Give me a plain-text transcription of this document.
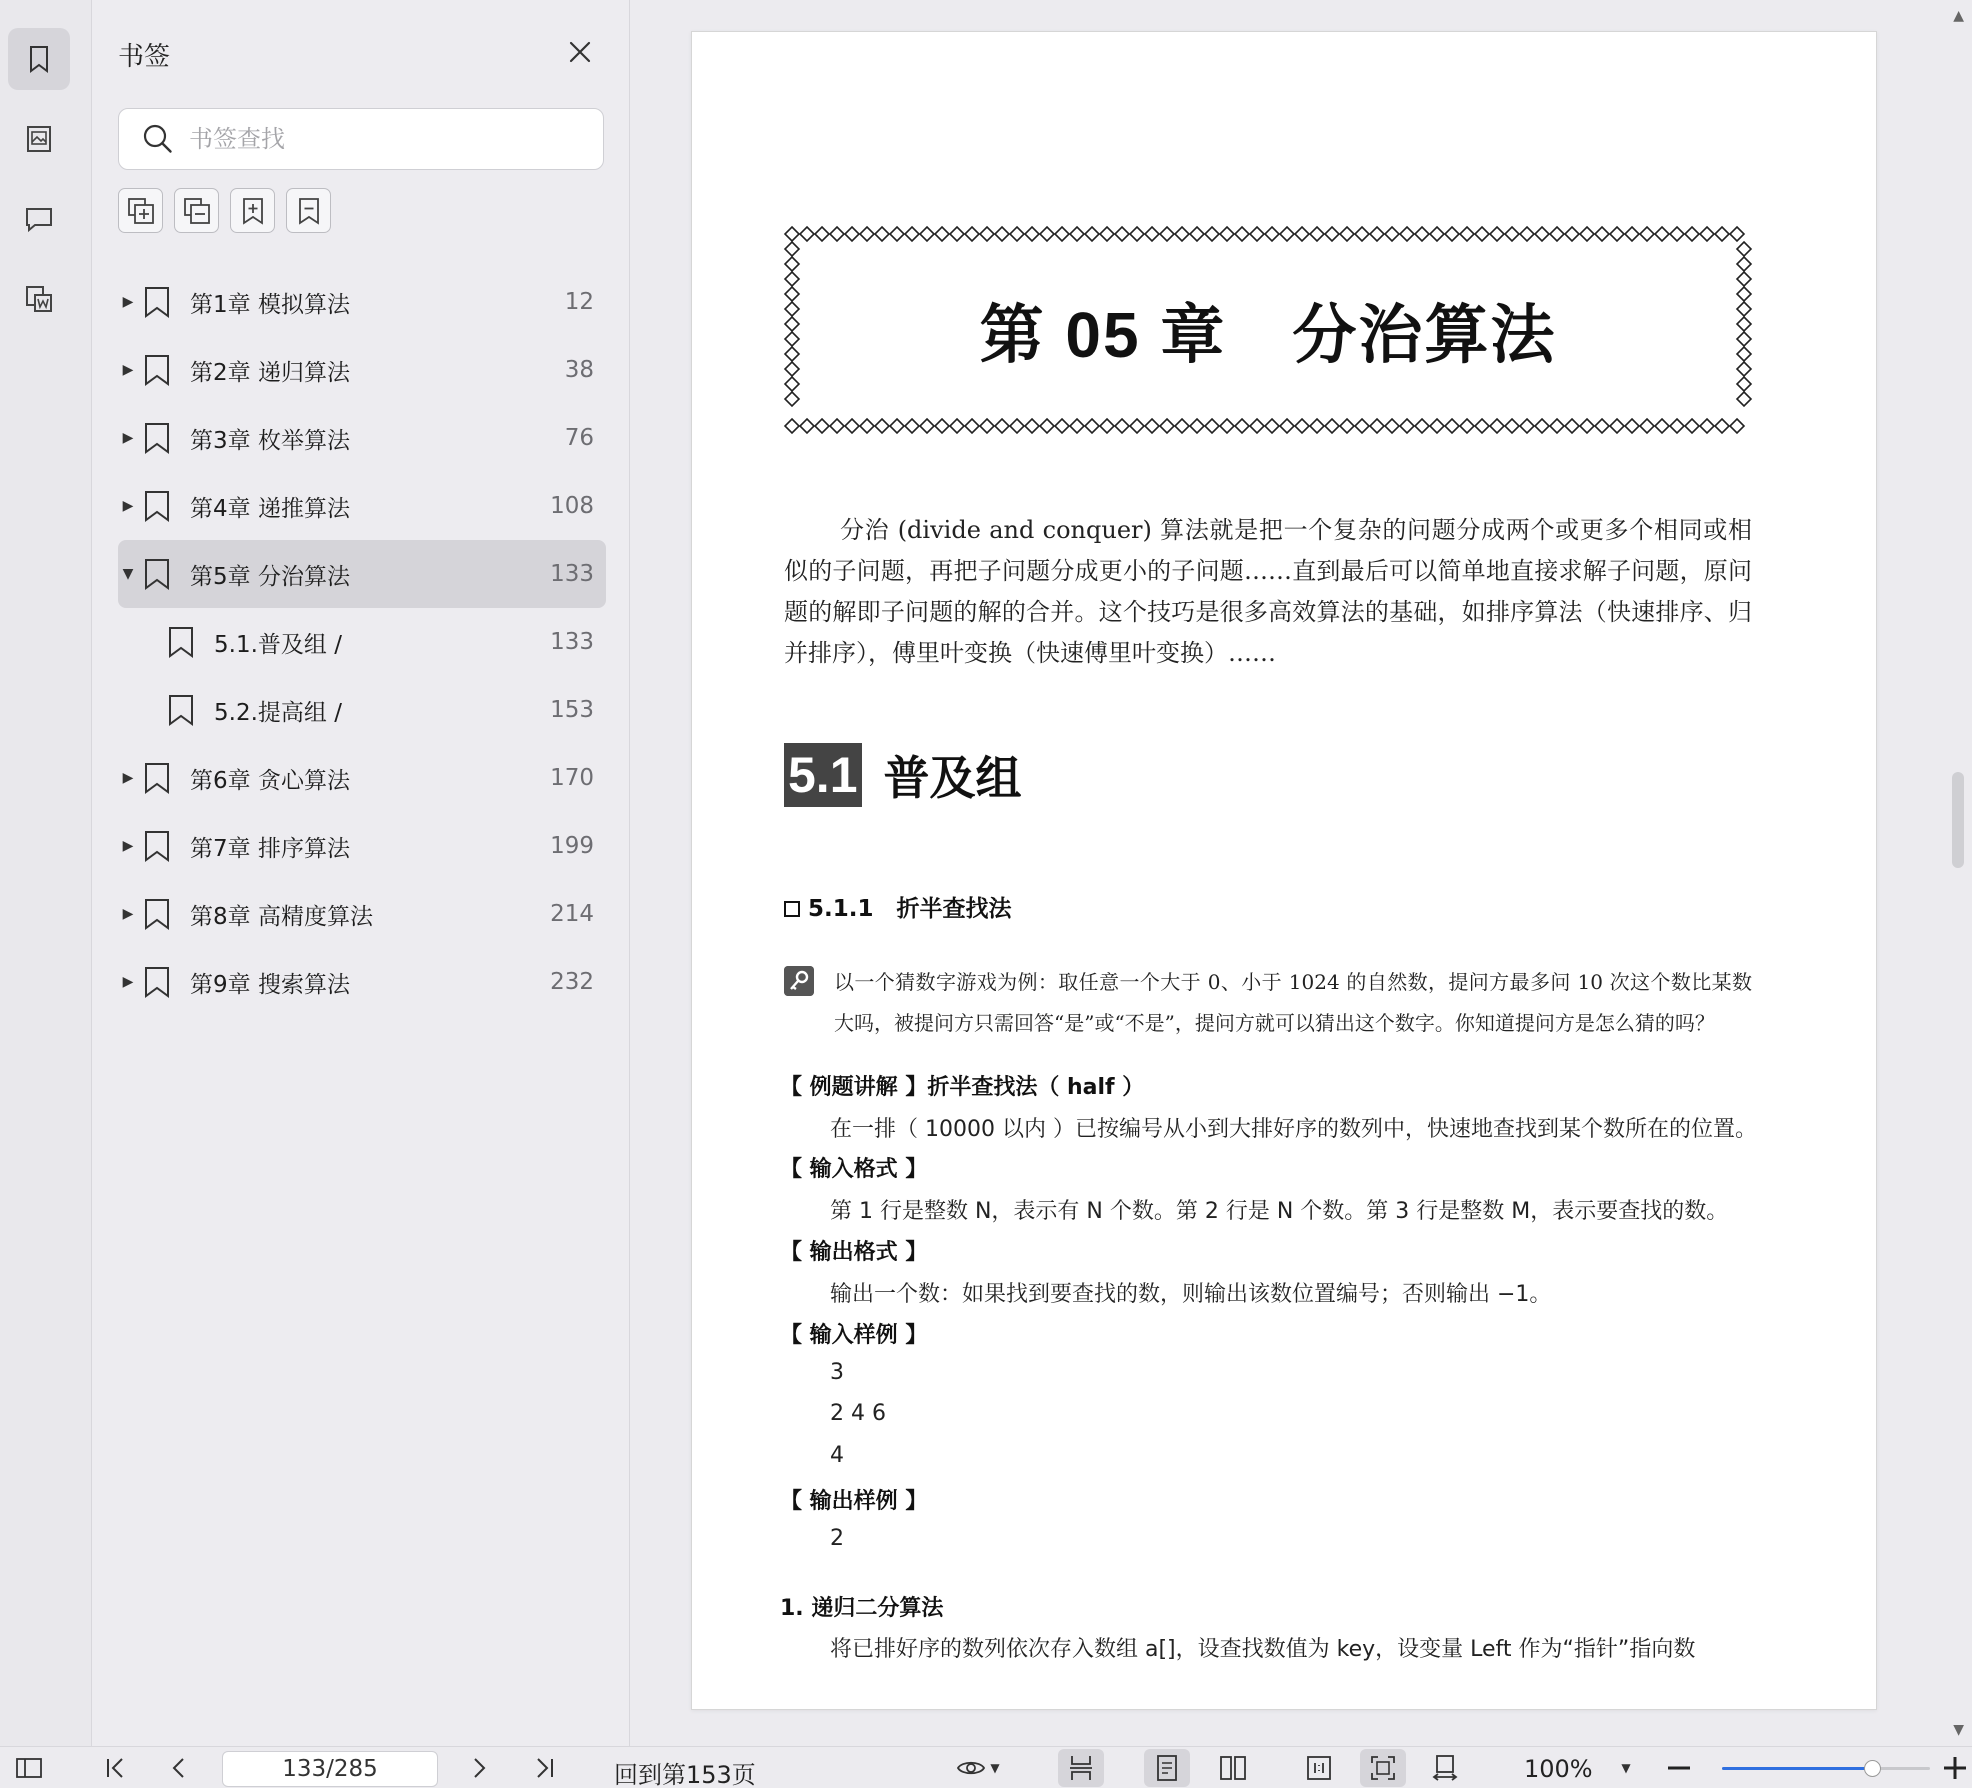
书签
书签查找
▶ 第1章 模拟算法	12
▶ 第2章 递归算法	38
▶ 第3章 枚举算法	76
▶ 第4章 递推算法	108
▼ 第5章 分治算法	133
5.1.普及组 /	133
5.2.提高组 /	153
▶ 第6章 贪心算法	170
▶ 第7章 排序算法	199
▶ 第8章 高精度算法	214
▶ 第9章 搜索算法	232
第 05 章　分治算法
分治 (divide and conquer) 算法就是把一个复杂的问题分成两个或更多个相同或相似的子问题，再把子问题分成更小的子问题……直到最后可以简单地直接求解子问题，原问题的解即子问题的解的合并。这个技巧是很多高效算法的基础，如排序算法（快速排序、归并排序），傅里叶变换（快速傅里叶变换）……
5.1 普及组
5.1.1　折半查找法
以一个猜数字游戏为例：取任意一个大于 0、小于 1024 的自然数，提问方最多问 10 次这个数比某数大吗，被提问方只需回答“是”或“不是”，提问方就可以猜出这个数字。你知道提问方是怎么猜的吗？
【 例题讲解 】折半查找法（ half ）
在一排（ 10000 以内 ）已按编号从小到大排好序的数列中，快速地查找到某个数所在的位置。
【 输入格式 】
第 1 行是整数 N，表示有 N 个数。第 2 行是 N 个数。第 3 行是整数 M，表示要查找的数。
【 输出格式 】
输出一个数：如果找到要查找的数，则输出该数位置编号；否则输出 −1。
【 输入样例 】
3
2 4 6
4
【 输出样例 】
2
1. 递归二分算法
将已排好序的数列依次存入数组 a[]，设查找数值为 key，设变量 Left 作为“指针”指向数
▲
▼
133/285
回到第153页	▼	100% ▼
